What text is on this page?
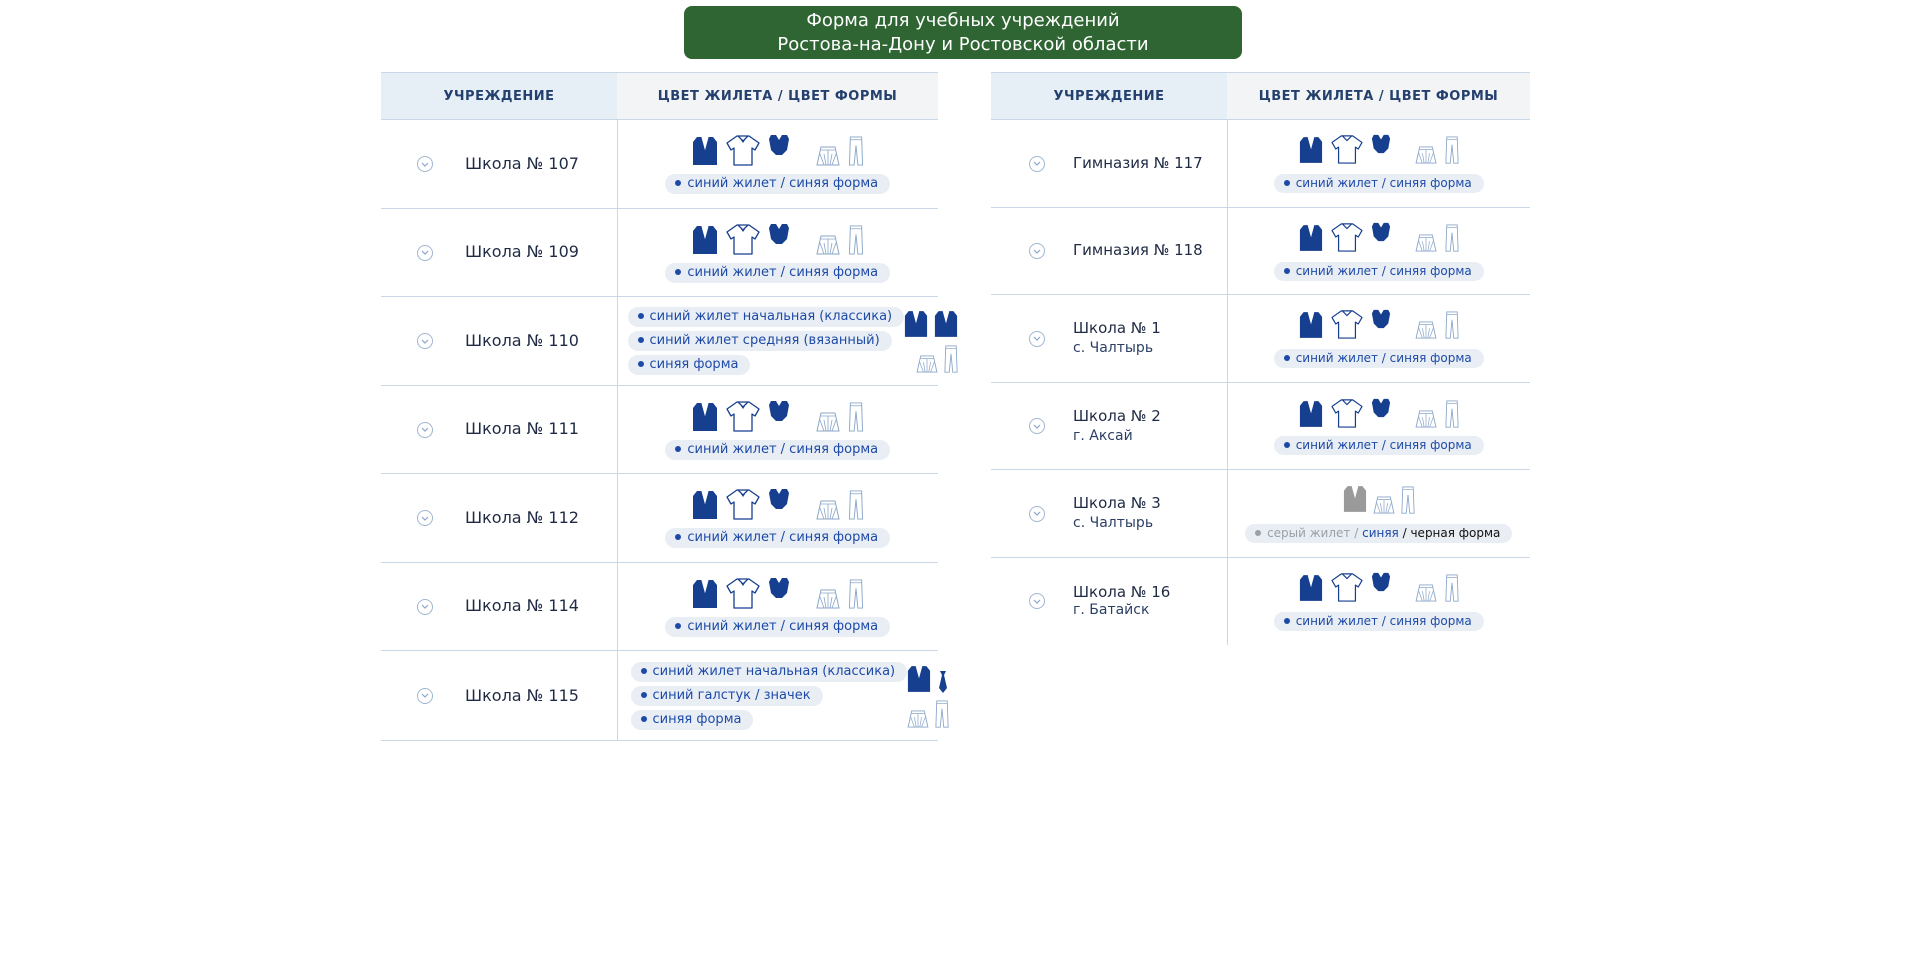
Форма для учебных учреждений
Ростова-на-Дону и Ростовской области
УЧРЕЖДЕНИЕ	ЦВЕТ ЖИЛЕТА / ЦВЕТ ФОРМЫ

Школа № 107	синий жилет / синяя форма

Школа № 109	синий жилет / синяя форма

Школа № 110	синий жилет начальная (классика)
синий жилет средняя (вязанный)
синяя форма

Школа № 111	синий жилет / синяя форма

Школа № 112	синий жилет / синяя форма

Школа № 114	синий жилет / синяя форма

Школа № 115	синий жилет начальная (классика)
синий галстук / значек
синяя форма
УЧРЕЖДЕНИЕ	ЦВЕТ ЖИЛЕТА / ЦВЕТ ФОРМЫ

Гимназия № 117	синий жилет / синяя форма

Гимназия № 118	синий жилет / синяя форма

Школа № 1
с. Чалтырь	синий жилет / синяя форма

Школа № 2
г. Аксай	синий жилет / синяя форма

Школа № 3
с. Чалтырь	серый жилет / синяя / черная форма

Школа № 16
г. Батайск	синий жилет / синяя форма
